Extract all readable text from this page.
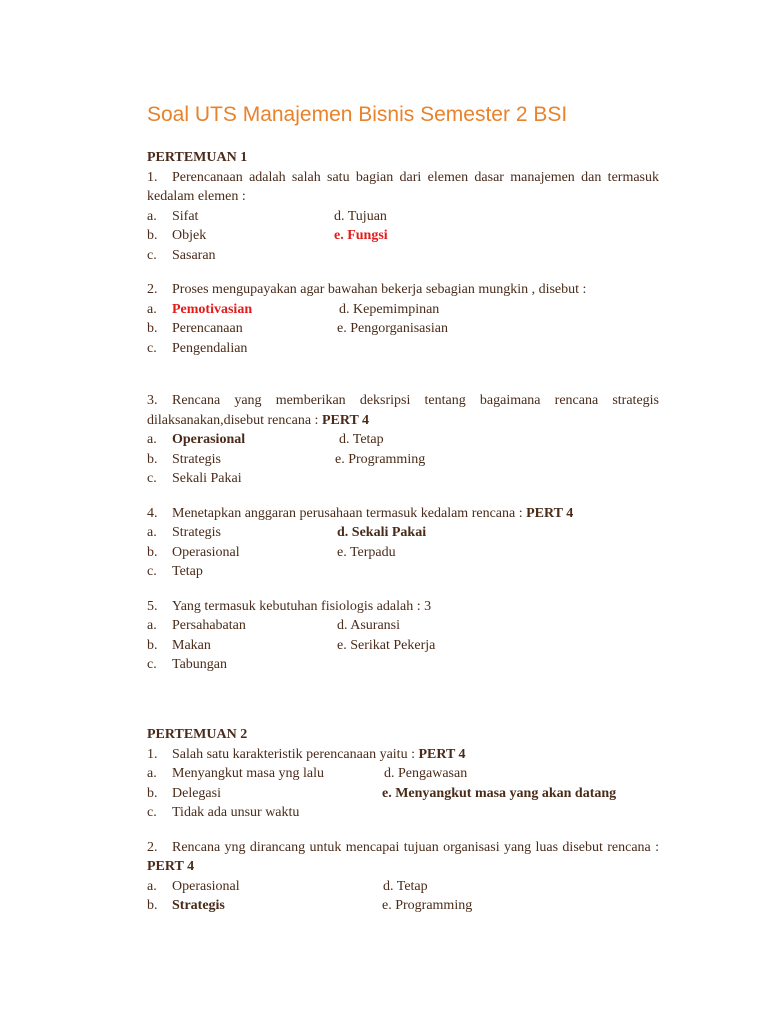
Soal UTS Manajemen Bisnis Semester 2 BSI
PERTEMUAN 1
1. Perencanaan adalah salah satu bagian dari elemen dasar manajemen dan termasuk kedalam elemen :
a. Sifat	d. Tujuan
b. Objek	e. Fungsi
c. Sasaran
2. Proses mengupayakan agar bawahan bekerja sebagian mungkin , disebut :
a. Pemotivasian	d. Kepemimpinan
b. Perencanaan	e. Pengorganisasian
c. Pengendalian
3. Rencana yang memberikan deksripsi tentang bagaimana rencana strategis dilaksanakan,disebut rencana : PERT 4
a. Operasional	d. Tetap
b. Strategis	e. Programming
c. Sekali Pakai
4. Menetapkan anggaran perusahaan termasuk kedalam rencana : PERT 4
a. Strategis	d. Sekali Pakai
b. Operasional	e. Terpadu
c. Tetap
5. Yang termasuk kebutuhan fisiologis adalah : 3
a. Persahabatan	d. Asuransi
b. Makan	e. Serikat Pekerja
c. Tabungan
PERTEMUAN 2
1. Salah satu karakteristik perencanaan yaitu : PERT 4
a. Menyangkut masa yng lalu	d. Pengawasan
b. Delegasi	e. Menyangkut masa yang akan datang
c. Tidak ada unsur waktu
2. Rencana yng dirancang untuk mencapai tujuan organisasi yang luas disebut rencana : PERT 4
a. Operasional	d. Tetap
b. Strategis	e. Programming
